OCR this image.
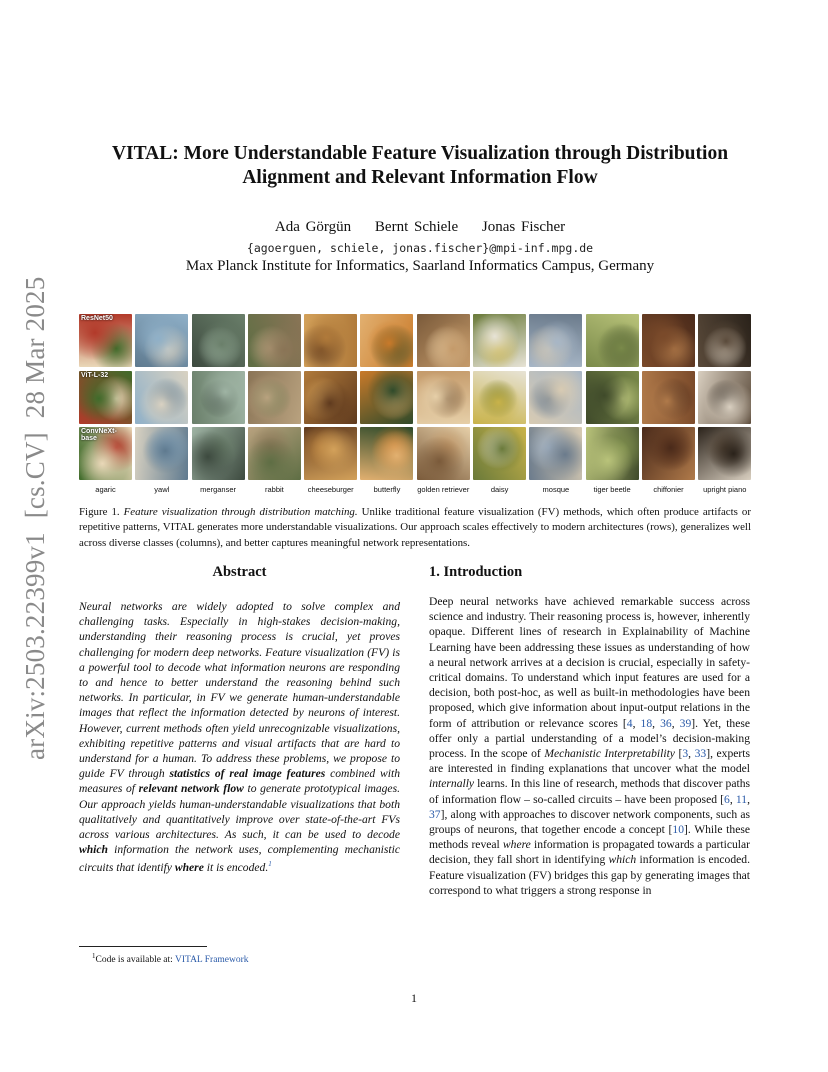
arXiv:2503.22399v1  [cs.CV]  28 Mar 2025
VITAL: More Understandable Feature Visualization through Distribution
Alignment and Relevant Information Flow
Ada Görgün Bernt Schiele Jonas Fischer
{agoerguen, schiele, jonas.fischer}@mpi-inf.mpg.de
Max Planck Institute for Informatics, Saarland Informatics Campus, Germany
ResNet50
ViT-L-32
ConvNeXt-base
agaric	yawl	merganser	rabbit	cheeseburger	butterfly	golden retriever	daisy	mosque	tiger beetle	chiffonier	upright piano
Figure 1. Feature visualization through distribution matching. Unlike traditional feature visualization (FV) methods, which often produce artifacts or repetitive patterns, VITAL generates more understandable visualizations. Our approach scales effectively to modern architectures (rows), generalizes well across diverse classes (columns), and better captures meaningful network representations.
Abstract

Neural networks are widely adopted to solve complex and challenging tasks. Especially in high-stakes decision-making, understanding their reasoning process is crucial, yet proves challenging for modern deep networks. Feature visualization (FV) is a powerful tool to decode what information neurons are responding to and hence to better understand the reasoning behind such networks. In particular, in FV we generate human-understandable images that reflect the information detected by neurons of interest. However, current methods often yield unrecognizable visualizations, exhibiting repetitive patterns and visual artifacts that are hard to understand for a human. To address these problems, we propose to guide FV through statistics of real image features combined with measures of relevant network flow to generate prototypical images. Our approach yields human-understandable visualizations that both qualitatively and quantitatively improve over state-of-the-art FVs across various architectures. As such, it can be used to decode which information the network uses, complementing mechanistic circuits that identify where it is encoded.$^1$

1. Introduction

Deep neural networks have achieved remarkable success across science and industry. Their reasoning process is, however, inherently opaque. Different lines of research in Explainability of Machine Learning have been addressing these issues as understanding of how a neural network arrives at a decision is crucial, especially in safety-critical domains. To understand which input features are used for a decision, both post-hoc, as well as built-in methodologies have been proposed, which give information about input-output relations in the form of attribution or relevance scores [4, 18, 36, 39]. Yet, these offer only a partial understanding of a model’s decision-making process. In the scope of Mechanistic Interpretability [3, 33], experts are interested in finding explanations that uncover what the model internally learns. In this line of research, methods that discover paths of information flow – so-called circuits – have been proposed [6, 11, 37], along with approaches to discover network components, such as groups of neurons, that together encode a concept [10]. While these methods reveal where information is propagated towards a particular decision, they fall short in identifying which information is encoded. Feature visualization (FV) bridges this gap by generating images that correspond to what triggers a strong response in

$^1$Code is available at: VITAL Framework
1
